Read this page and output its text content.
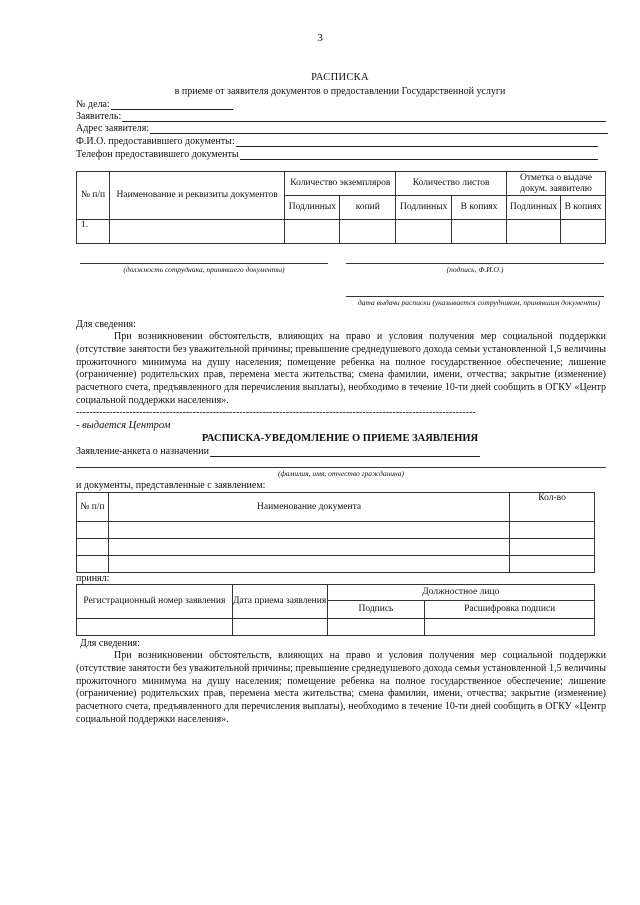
3
РАСПИСКА
в приеме от заявителя документов о предоставлении Государственной услуги
№ дела:
Заявитель:
Адрес заявителя:
Ф.И.О. предоставившего документы:
Телефон предоставившего документы
№ п/п	Наименование и реквизиты документов	Количество экземпляров		Количество листов		Отметка о выдаче докум. заявителю	
		Подлинных	копий	Подлинных	В копиях	Подлинных	В копиях
1.							
(должность сотрудника, принявшего документы)	(подпись, Ф.И.О.)
дата выдачи расписки (указывается сотрудником, принявшим документы)
Для сведения:
При возникновении обстоятельств, влияющих на право и условия получения мер социальной поддержки (отсутствие занятости без уважительной причины; превышение среднедушевого дохода семьи установленной 1,5 величины прожиточного минимума на душу населения; помещение ребенка на полное государственное обеспечение; лишение (ограничение) родительских прав, перемена места жительства; смена фамилии, имени, отчества; закрытие (изменение) расчетного счета, предъявленного для перечисления выплаты), необходимо в течение 10-ти дней сообщить в ОГКУ «Центр социальной поддержки населения».
------------------------------------------------------------------------------------------------------------------------
- выдается Центром
РАСПИСКА-УВЕДОМЛЕНИЕ О ПРИЕМЕ ЗАЯВЛЕНИЯ
Заявление-анкета о назначении
(фамилия, имя, отчество гражданина)
и документы, представленные с заявлением:
№ п/п	Наименование документа	Кол-во

принял:
Регистрационный номер заявления	Дата приема заявления	Должностное лицо	
		Подпись	Расшифровка подписи

Для сведения:
При возникновении обстоятельств, влияющих на право и условия получения мер социальной поддержки (отсутствие занятости без уважительной причины; превышение среднедушевого дохода семьи установленной 1,5 величины прожиточного минимума на душу населения; помещение ребенка на полное государственное обеспечение; лишение (ограничение) родительских прав, перемена места жительства; смена фамилии, имени, отчества; закрытие (изменение) расчетного счета, предъявленного для перечисления выплаты), необходимо в течение 10-ти дней сообщить в ОГКУ «Центр социальной поддержки населения».
